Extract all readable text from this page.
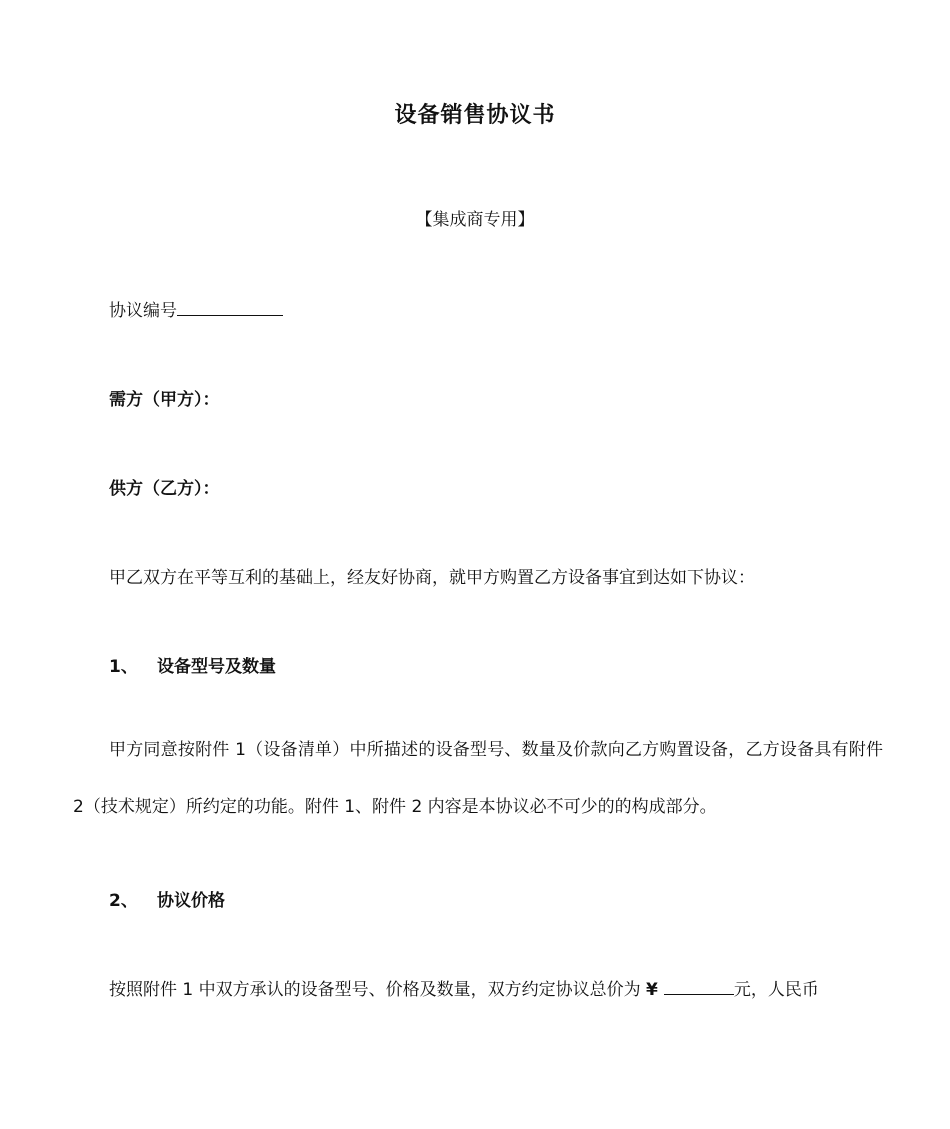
设备销售协议书
【集成商专用】
协议编号
需方（甲方）：
供方（乙方）：
甲乙双方在平等互利的基础上，经友好协商，就甲方购置乙方设备事宜到达如下协议：
1、 设备型号及数量
甲方同意按附件 1（设备清单）中所描述的设备型号、数量及价款向乙方购置设备，乙方设备具有附件 2（技术规定）所约定的功能。附件 1、附件 2 内容是本协议必不可少的的构成部分。
2、 协议价格
按照附件 1 中双方承认的设备型号、价格及数量，双方约定协议总价为 ¥	元，人民币
